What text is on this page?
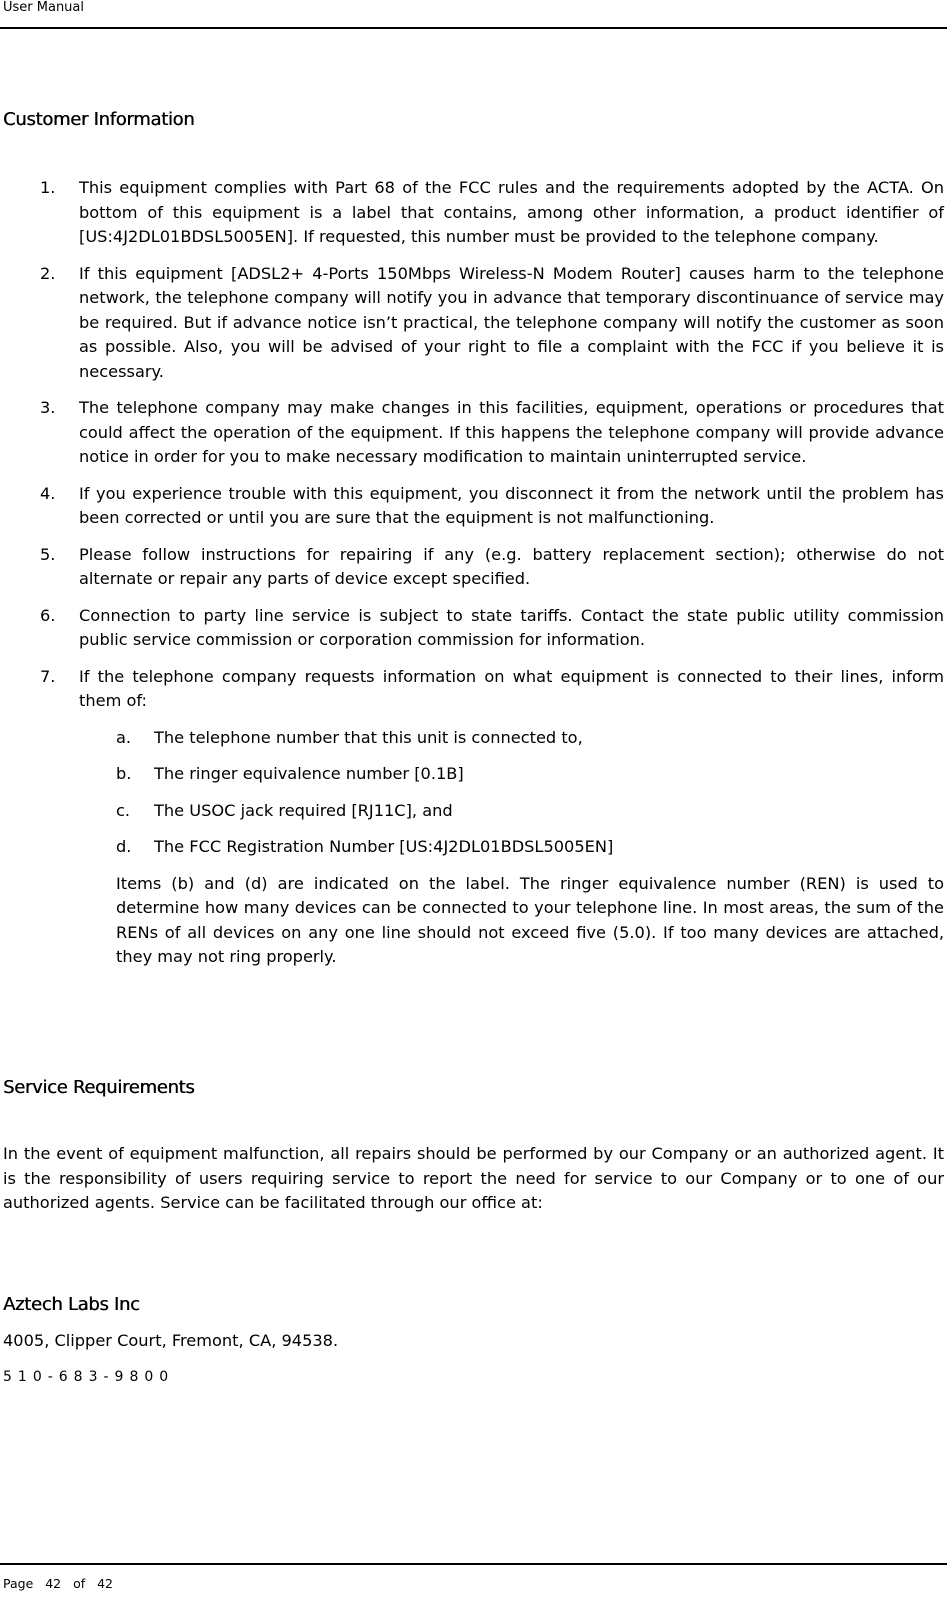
User Manual
Customer Information
1. This equipment complies with Part 68 of the FCC rules and the requirements adopted by the ACTA. On bottom of this equipment is a label that contains, among other information, a product identifier of [US:4J2DL01BDSL5005EN]. If requested, this number must be provided to the telephone company.
2. If this equipment [ADSL2+ 4-Ports 150Mbps Wireless-N Modem Router] causes harm to the telephone network, the telephone company will notify you in advance that temporary discontinuance of service may be required. But if advance notice isn’t practical, the telephone company will notify the customer as soon as possible. Also, you will be advised of your right to file a complaint with the FCC if you believe it is necessary.
3. The telephone company may make changes in this facilities, equipment, operations or procedures that could affect the operation of the equipment. If this happens the telephone company will provide advance notice in order for you to make necessary modification to maintain uninterrupted service.
4. If you experience trouble with this equipment, you disconnect it from the network until the problem has been corrected or until you are sure that the equipment is not malfunctioning.
5. Please follow instructions for repairing if any (e.g. battery replacement section); otherwise do not alternate or repair any parts of device except specified.
6. Connection to party line service is subject to state tariffs. Contact the state public utility commission public service commission or corporation commission for information.
7. If the telephone company requests information on what equipment is connected to their lines, inform them of:
a. The telephone number that this unit is connected to,
b. The ringer equivalence number [0.1B]
c. The USOC jack required [RJ11C], and
d. The FCC Registration Number [US:4J2DL01BDSL5005EN]
Items (b) and (d) are indicated on the label. The ringer equivalence number (REN) is used to determine how many devices can be connected to your telephone line. In most areas, the sum of the RENs of all devices on any one line should not exceed five (5.0). If too many devices are attached, they may not ring properly.
Service Requirements
In the event of equipment malfunction, all repairs should be performed by our Company or an authorized agent. It is the responsibility of users requiring service to report the need for service to our Company or to one of our authorized agents. Service can be facilitated through our office at:
Aztech Labs Inc
4005, Clipper Court, Fremont, CA, 94538.
510-683-9800
Page 42 of 42
